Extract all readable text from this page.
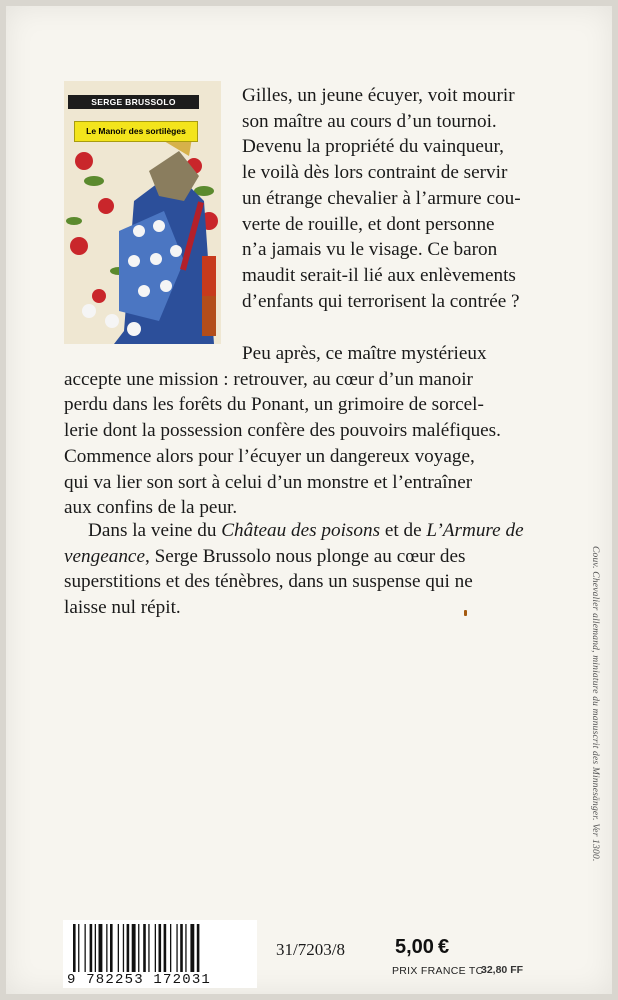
SERGE BRUSSOLO
Le Manoir des sortilèges
Gilles, un jeune écuyer, voit mourir
son maître au cours d’un tournoi.
Devenu la propriété du vainqueur,
le voilà dès lors contraint de servir
un étrange chevalier à l’armure cou-
verte de rouille, et dont personne
n’a jamais vu le visage. Ce baron
maudit serait-il lié aux enlèvements
d’enfants qui terrorisent la contrée ?
Peu après, ce maître mystérieux
accepte une mission : retrouver, au cœur d’un manoir
perdu dans les forêts du Ponant, un grimoire de sorcel-
lerie dont la possession confère des pouvoirs maléfiques.
Commence alors pour l’écuyer un dangereux voyage,
qui va lier son sort à celui d’un monstre et l’entraîner
aux confins de la peur.
Dans la veine du Château des poisons et de L’Armure de
vengeance, Serge Brussolo nous plonge au cœur des
superstitions et des ténèbres, dans un suspense qui ne
laisse nul répit.	Couv. Chevalier allemand, miniature du manuscrit des Minnesänger. Ver 1300.
9 782253 172031
31/7203/8	5,00 €
PRIX FRANCE TC
32,80 FF
